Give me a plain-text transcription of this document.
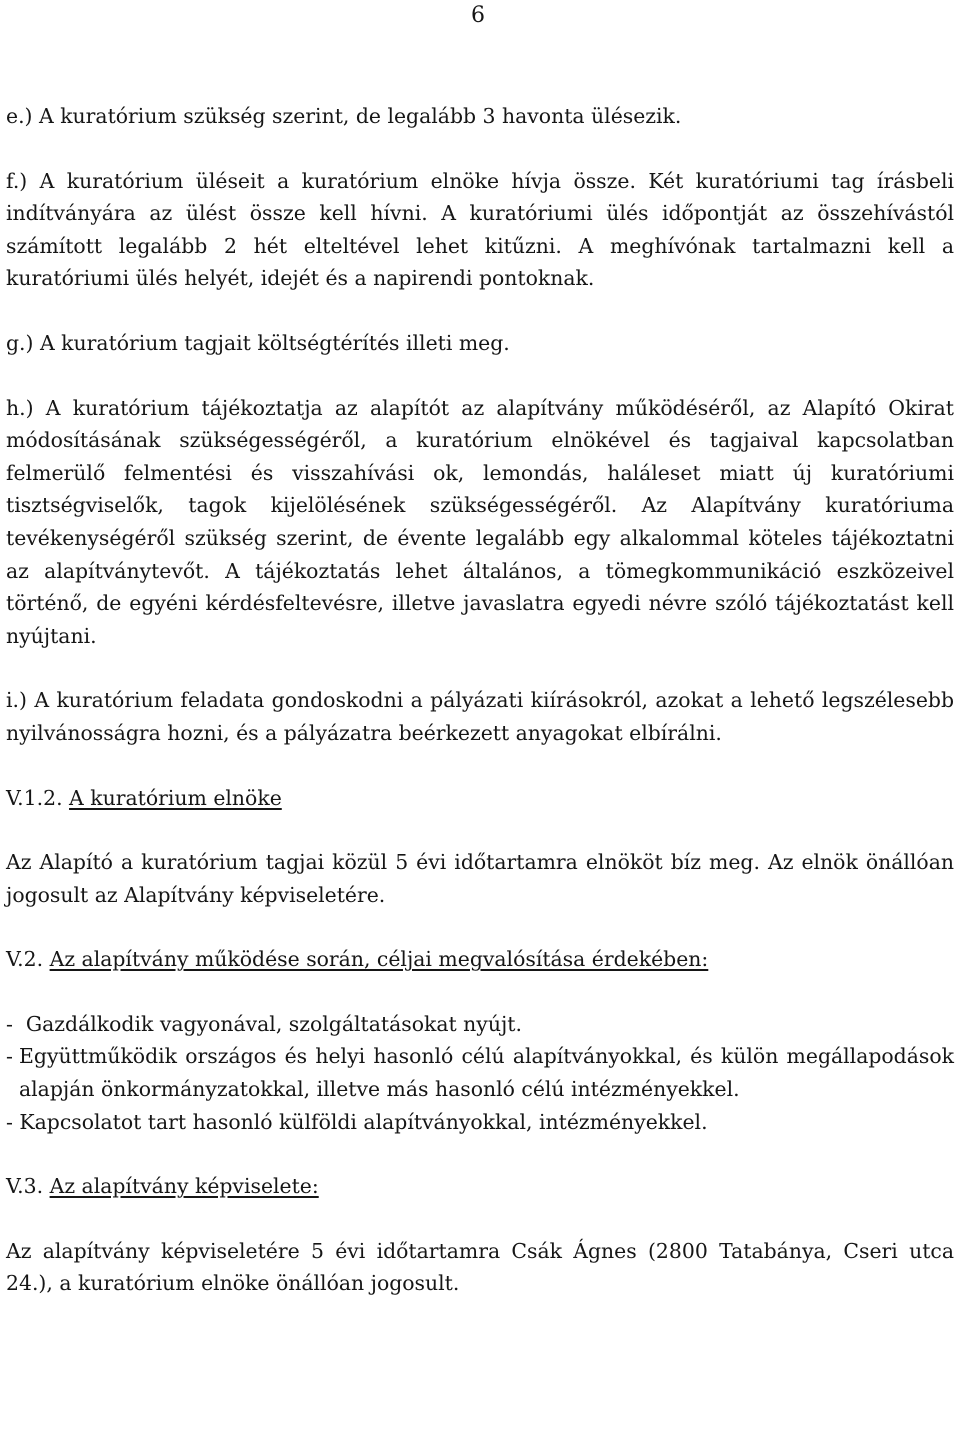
6

e.) A kuratórium szükség szerint, de legalább 3 havonta ülésezik.

f.) A kuratórium üléseit a kuratórium elnöke hívja össze. Két kuratóriumi tag írásbeli indítványára az ülést össze kell hívni. A kuratóriumi ülés időpontját az összehívástól számított legalább 2 hét elteltével lehet kitűzni. A meghívónak tartalmazni kell a kuratóriumi ülés helyét, idejét és a napirendi pontoknak.

g.) A kuratórium tagjait költségtérítés illeti meg.

h.) A kuratórium tájékoztatja az alapítót az alapítvány működéséről, az Alapító Okirat módosításának szükségességéről, a kuratórium elnökével és tagjaival kapcsolatban felmerülő felmentési és visszahívási ok, lemondás, haláleset miatt új kuratóriumi tisztségviselők, tagok kijelölésének szükségességéről. Az Alapítvány kuratóriuma tevékenységéről szükség szerint, de évente legalább egy alkalommal köteles tájékoztatni az alapítványtevőt. A tájékoztatás lehet általános, a tömegkommunikáció eszközeivel történő, de egyéni kérdésfeltevésre, illetve javaslatra egyedi névre szóló tájékoztatást kell nyújtani.

i.) A kuratórium feladata gondoskodni a pályázati kiírásokról, azokat a lehető legszélesebb nyilvánosságra hozni, és a pályázatra beérkezett anyagokat elbírálni.

V.1.2. A kuratórium elnöke

Az Alapító a kuratórium tagjai közül 5 évi időtartamra elnököt bíz meg. Az elnök önállóan jogosult az Alapítvány képviseletére.

V.2. Az alapítvány működése során, céljai megvalósítása érdekében:

- Gazdálkodik vagyonával, szolgáltatásokat nyújt.
- Együttműködik országos és helyi hasonló célú alapítványokkal, és külön megállapodások alapján önkormányzatokkal, illetve más hasonló célú intézményekkel.
- Kapcsolatot tart hasonló külföldi alapítványokkal, intézményekkel.

V.3. Az alapítvány képviselete:

Az alapítvány képviseletére 5 évi időtartamra Csák Ágnes (2800 Tatabánya, Cseri utca 24.), a kuratórium elnöke önállóan jogosult.
